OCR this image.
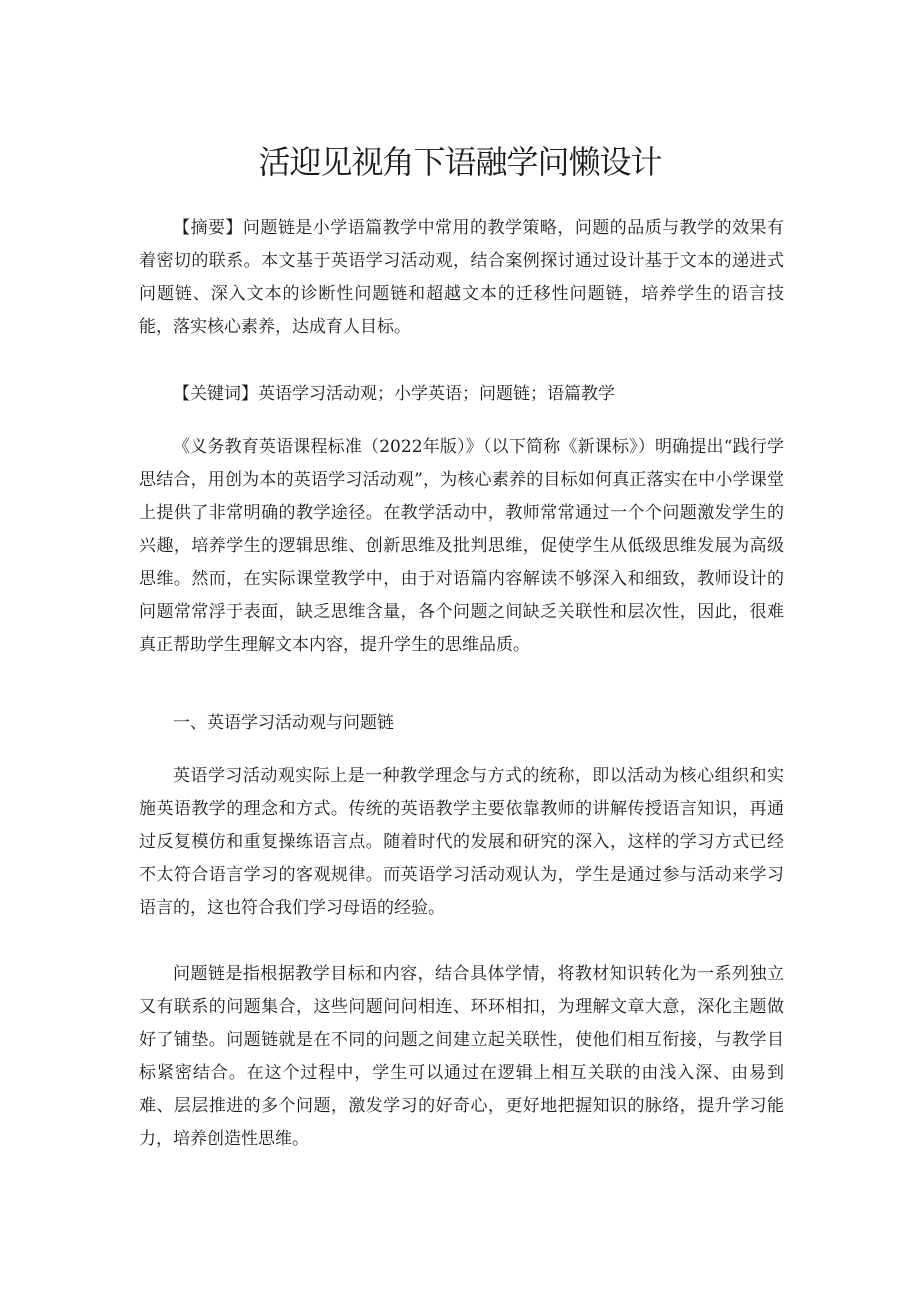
活迎见视角下语融学问懒设计

【摘要】问题链是小学语篇教学中常用的教学策略，问题的品质与教学的效果有着密切的联系。本文基于英语学习活动观，结合案例探讨通过设计基于文本的递进式问题链、深入文本的诊断性问题链和超越文本的迁移性问题链，培养学生的语言技能，落实核心素养，达成育人目标。

【关键词】英语学习活动观；小学英语；问题链；语篇教学

《义务教育英语课程标准（2022年版）》（以下简称《新课标》）明确提出“践行学思结合，用创为本的英语学习活动观”，为核心素养的目标如何真正落实在中小学课堂上提供了非常明确的教学途径。在教学活动中，教师常常通过一个个问题激发学生的兴趣，培养学生的逻辑思维、创新思维及批判思维，促使学生从低级思维发展为高级思维。然而，在实际课堂教学中，由于对语篇内容解读不够深入和细致，教师设计的问题常常浮于表面，缺乏思维含量，各个问题之间缺乏关联性和层次性，因此，很难真正帮助学生理解文本内容，提升学生的思维品质。

一、英语学习活动观与问题链

英语学习活动观实际上是一种教学理念与方式的统称，即以活动为核心组织和实施英语教学的理念和方式。传统的英语教学主要依靠教师的讲解传授语言知识，再通过反复模仿和重复操练语言点。随着时代的发展和研究的深入，这样的学习方式已经不太符合语言学习的客观规律。而英语学习活动观认为，学生是通过参与活动来学习语言的，这也符合我们学习母语的经验。

问题链是指根据教学目标和内容，结合具体学情，将教材知识转化为一系列独立又有联系的问题集合，这些问题问问相连、环环相扣，为理解文章大意，深化主题做好了铺垫。问题链就是在不同的问题之间建立起关联性，使他们相互衔接，与教学目标紧密结合。在这个过程中，学生可以通过在逻辑上相互关联的由浅入深、由易到难、层层推进的多个问题，激发学习的好奇心，更好地把握知识的脉络，提升学习能力，培养创造性思维。
